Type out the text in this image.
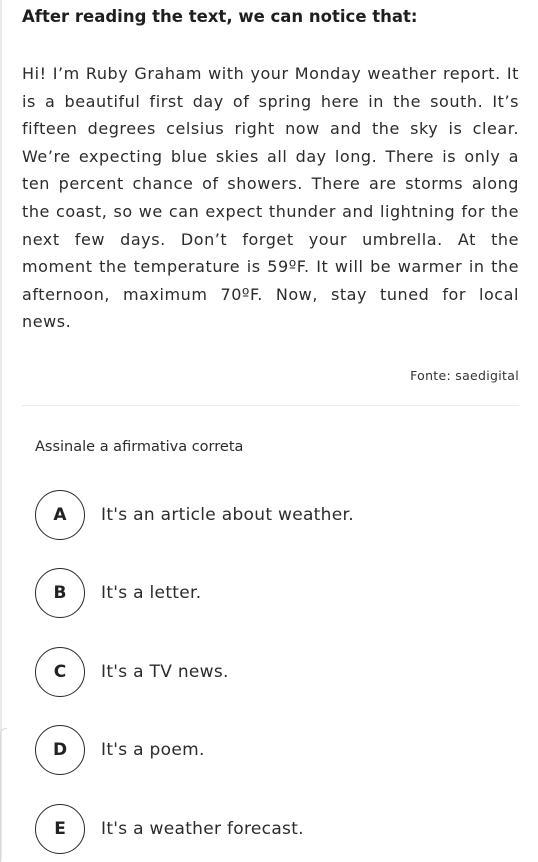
After reading the text, we can notice that:

Hi! I’m Ruby Graham with your Monday weather report. It is a beautiful first day of spring here in the south. It’s fifteen degrees celsius right now and the sky is clear. We’re expecting blue skies all day long. There is only a ten percent chance of showers. There are storms along the coast, so we can expect thunder and lightning for the next few days. Don’t forget your umbrella. At the moment the temperature is 59ºF. It will be warmer in the afternoon, maximum 70ºF. Now, stay tuned for local news.

Fonte: saedigital
Assinale a afirmativa correta
A	It's an article about weather.
B	It's a letter.
C	It's a TV news.
D	It's a poem.
E	It's a weather forecast.
